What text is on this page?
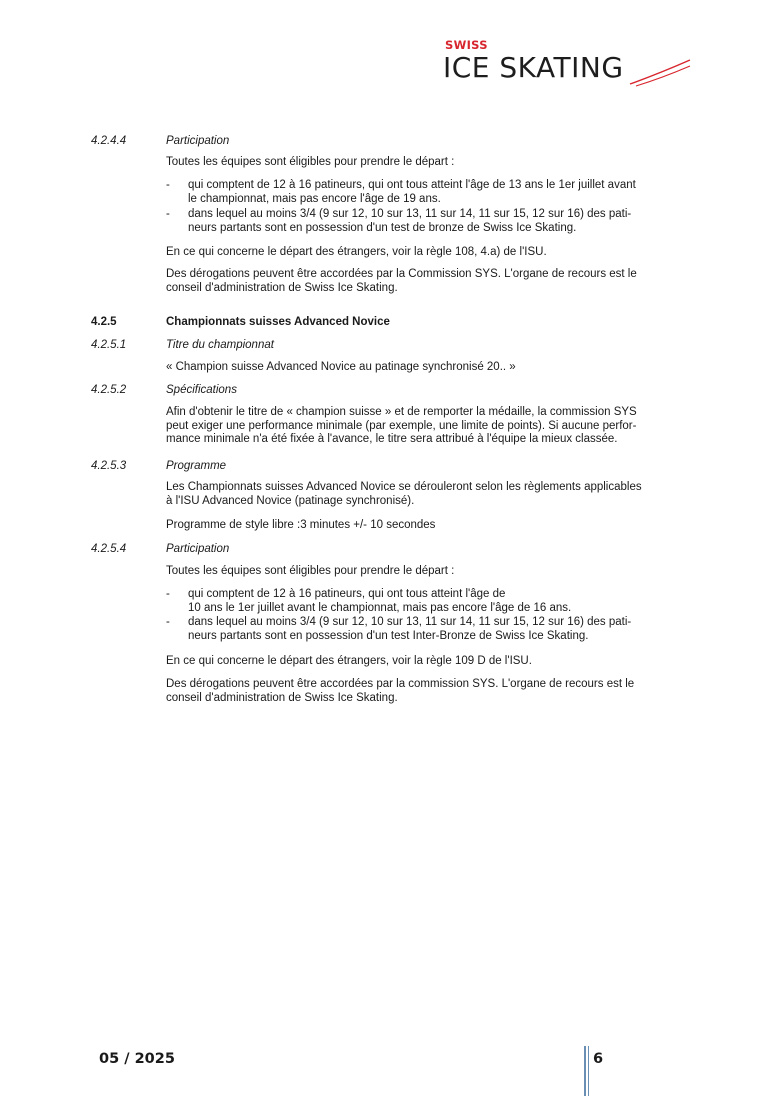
SWISS
ICE SKATING
4.2.4.4	Participation
Toutes les équipes sont éligibles pour prendre le départ :
- qui comptent de 12 à 16 patineurs, qui ont tous atteint l'âge de 13 ans le 1er juillet avant
le championnat, mais pas encore l'âge de 19 ans.
- dans lequel au moins 3/4 (9 sur 12, 10 sur 13, 11 sur 14, 11 sur 15, 12 sur 16) des pati-
neurs partants sont en possession d'un test de bronze de Swiss Ice Skating.
En ce qui concerne le départ des étrangers, voir la règle 108, 4.a) de l'ISU.
Des dérogations peuvent être accordées par la Commission SYS. L'organe de recours est le
conseil d'administration de Swiss Ice Skating.
4.2.5	Championnats suisses Advanced Novice
4.2.5.1	Titre du championnat
« Champion suisse Advanced Novice au patinage synchronisé 20.. »
4.2.5.2	Spécifications
Afin d'obtenir le titre de « champion suisse » et de remporter la médaille, la commission SYS
peut exiger une performance minimale (par exemple, une limite de points). Si aucune perfor-
mance minimale n'a été fixée à l'avance, le titre sera attribué à l'équipe la mieux classée.
4.2.5.3	Programme
Les Championnats suisses Advanced Novice se dérouleront selon les règlements applicables
à l'ISU Advanced Novice (patinage synchronisé).
Programme de style libre :3 minutes +/- 10 secondes
4.2.5.4	Participation
Toutes les équipes sont éligibles pour prendre le départ :
- qui comptent de 12 à 16 patineurs, qui ont tous atteint l'âge de
10 ans le 1er juillet avant le championnat, mais pas encore l'âge de 16 ans.
- dans lequel au moins 3/4 (9 sur 12, 10 sur 13, 11 sur 14, 11 sur 15, 12 sur 16) des pati-
neurs partants sont en possession d'un test Inter-Bronze de Swiss Ice Skating.
En ce qui concerne le départ des étrangers, voir la règle 109 D de l'ISU.
Des dérogations peuvent être accordées par la commission SYS. L'organe de recours est le
conseil d'administration de Swiss Ice Skating.
05 / 2025	6
